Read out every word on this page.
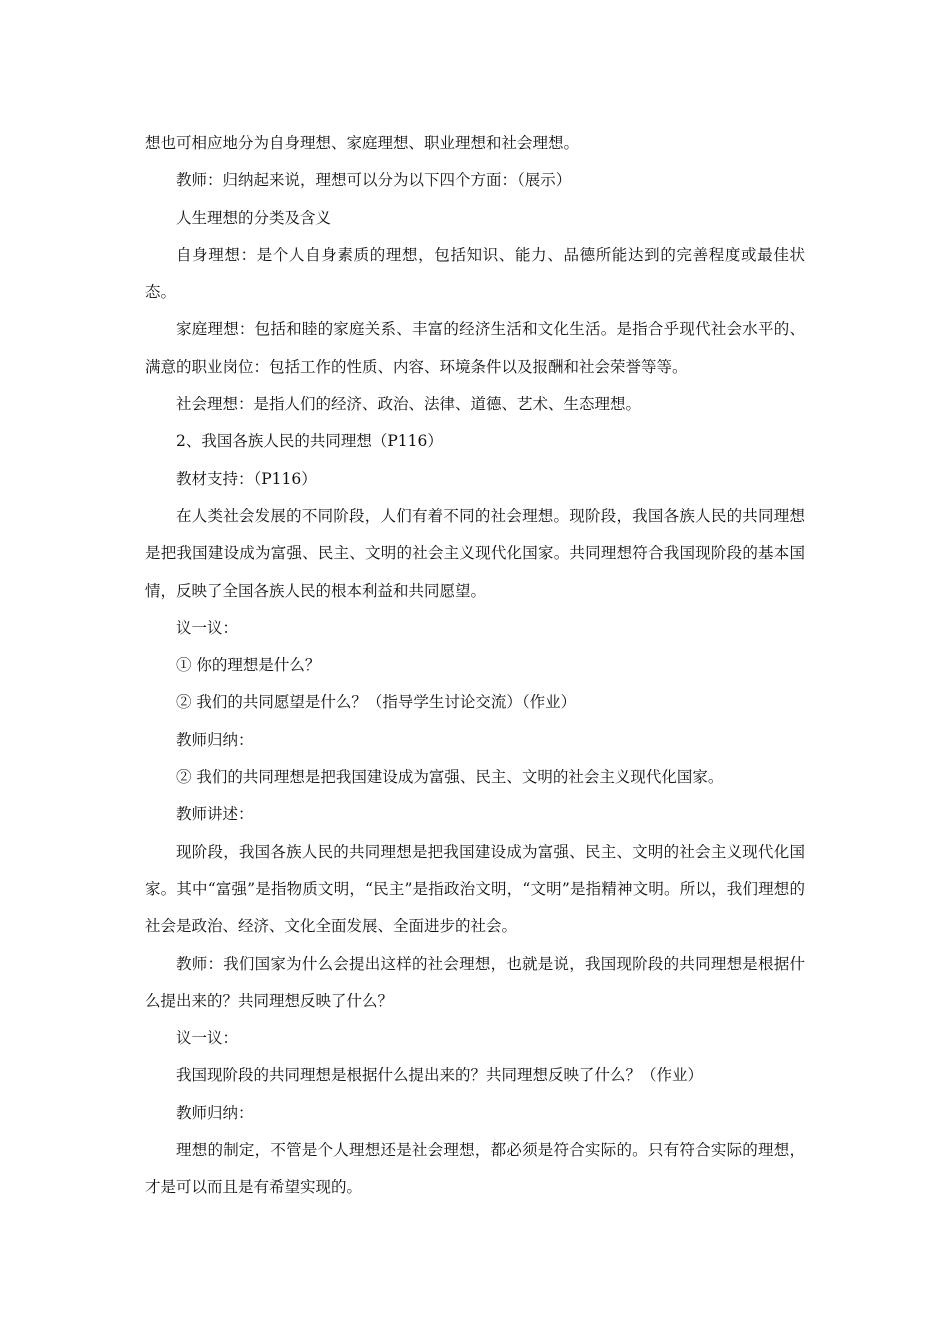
想也可相应地分为自身理想、家庭理想、职业理想和社会理想。

教师：归纳起来说，理想可以分为以下四个方面：（展示）

人生理想的分类及含义

自身理想：是个人自身素质的理想，包括知识、能力、品德所能达到的完善程度或最佳状态。

家庭理想：包括和睦的家庭关系、丰富的经济生活和文化生活。是指合乎现代社会水平的、满意的职业岗位：包括工作的性质、内容、环境条件以及报酬和社会荣誉等等。

社会理想：是指人们的经济、政治、法律、道德、艺术、生态理想。

2、我国各族人民的共同理想（P116）

教材支持：（P116）

在人类社会发展的不同阶段，人们有着不同的社会理想。现阶段，我国各族人民的共同理想是把我国建设成为富强、民主、文明的社会主义现代化国家。共同理想符合我国现阶段的基本国情，反映了全国各族人民的根本利益和共同愿望。

议一议：

① 你的理想是什么？

② 我们的共同愿望是什么？（指导学生讨论交流）（作业）

教师归纳：

② 我们的共同理想是把我国建设成为富强、民主、文明的社会主义现代化国家。

教师讲述：

现阶段，我国各族人民的共同理想是把我国建设成为富强、民主、文明的社会主义现代化国家。其中“富强”是指物质文明，“民主”是指政治文明，“文明”是指精神文明。所以，我们理想的社会是政治、经济、文化全面发展、全面进步的社会。

教师：我们国家为什么会提出这样的社会理想，也就是说，我国现阶段的共同理想是根据什么提出来的？共同理想反映了什么？

议一议：

我国现阶段的共同理想是根据什么提出来的？共同理想反映了什么？（作业）

教师归纳：

理想的制定，不管是个人理想还是社会理想，都必须是符合实际的。只有符合实际的理想，才是可以而且是有希望实现的。
